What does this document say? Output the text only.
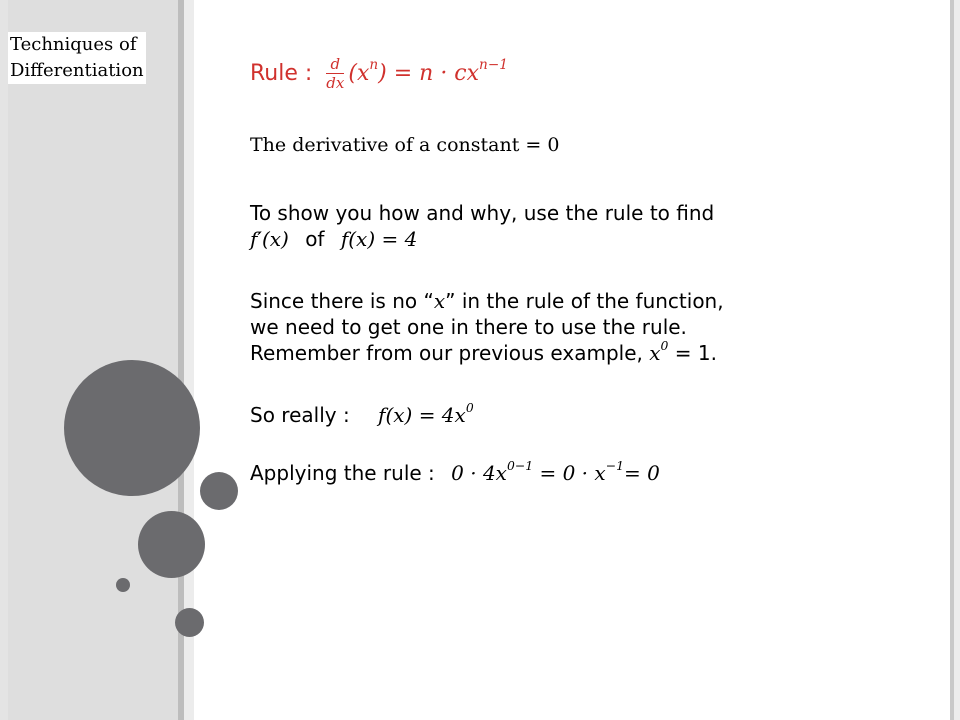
Techniques of
Differentiation	Rule : $\frac{d}{dx} (x^n) = n \cdot cx^{n-1}$
The derivative of a constant = 0
To show you how and why, use the rule to find
f′(x) of f(x) = 4
Since there is no “x” in the rule of the function,
we need to get one in there to use the rule.
Remember from our previous example, $x^0 = 1$.
So really : $f(x) = 4x^0$
Applying the rule : $0 \cdot 4x^{0-1} = 0 \cdot x^{-1}= 0$
